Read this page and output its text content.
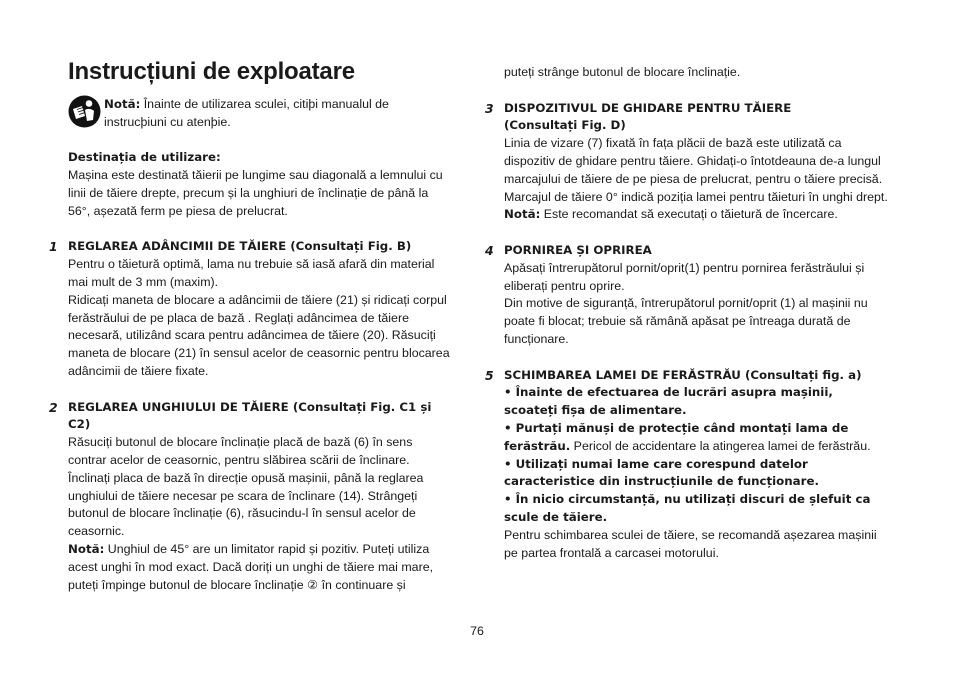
Instrucțiuni de exploatare

Notă: Înainte de utilizarea sculei, citiþi manualul de instrucþiuni cu atenþie.

Destinația de utilizare:

Mașina este destinată tăierii pe lungime sau diagonală a lemnului cu linii de tăiere drepte, precum și la unghiuri de înclinație de până la 56°, așezată ferm pe piesa de prelucrat.

1 REGLAREA ADÂNCIMII DE TĂIERE (Consultați Fig. B)

Pentru o tăietură optimă, lama nu trebuie să iasă afară din material mai mult de 3 mm (maxim).

Ridicați maneta de blocare a adâncimii de tăiere (21) și ridicați corpul ferăstrăului de pe placa de bază . Reglați adâncimea de tăiere necesară, utilizând scara pentru adâncimea de tăiere (20). Răsuciți maneta de blocare (21) în sensul acelor de ceasornic pentru blocarea adâncimii de tăiere fixate.

2 REGLAREA UNGHIULUI DE TĂIERE (Consultați Fig. C1 și C2)

Răsuciți butonul de blocare înclinație placă de bază (6) în sens contrar acelor de ceasornic, pentru slăbirea scării de înclinare. Înclinați placa de bază în direcție opusă mașinii, până la reglarea unghiului de tăiere necesar pe scara de înclinare (14). Strângeți butonul de blocare înclinație (6), răsucindu-l în sensul acelor de ceasornic.

Notă: Unghiul de 45° are un limitator rapid și pozitiv. Puteți utiliza acest unghi în mod exact. Dacă doriți un unghi de tăiere mai mare, puteți împinge butonul de blocare înclinație ② în continuare și

puteți strânge butonul de blocare înclinație.

3 DISPOZITIVUL DE GHIDARE PENTRU TĂIERE

(Consultați Fig. D)

Linia de vizare (7) fixată în fața plăcii de bază este utilizată ca dispozitiv de ghidare pentru tăiere. Ghidați-o întotdeauna de-a lungul marcajului de tăiere de pe piesa de prelucrat, pentru o tăiere precisă.

Marcajul de tăiere 0° indică poziția lamei pentru tăieturi în unghi drept.

Notă: Este recomandat să executați o tăietură de încercare.

4 PORNIREA ȘI OPRIREA

Apăsați întrerupătorul pornit/oprit(1) pentru pornirea ferăstrăului și eliberați pentru oprire.

Din motive de siguranță, întrerupătorul pornit/oprit (1) al mașinii nu poate fi blocat; trebuie să rămână apăsat pe întreaga durată de funcționare.

5 SCHIMBAREA LAMEI DE FERĂSTRĂU (Consultați fig. a)

• Înainte de efectuarea de lucrări asupra mașinii, scoateți fișa de alimentare.

• Purtați mănuși de protecție când montați lama de ferăstrău. Pericol de accidentare la atingerea lamei de ferăstrău.

• Utilizați numai lame care corespund datelor caracteristice din instrucțiunile de funcționare.

• În nicio circumstanță, nu utilizați discuri de șlefuit ca scule de tăiere.

Pentru schimbarea sculei de tăiere, se recomandă așezarea mașinii pe partea frontală a carcasei motorului.

76
